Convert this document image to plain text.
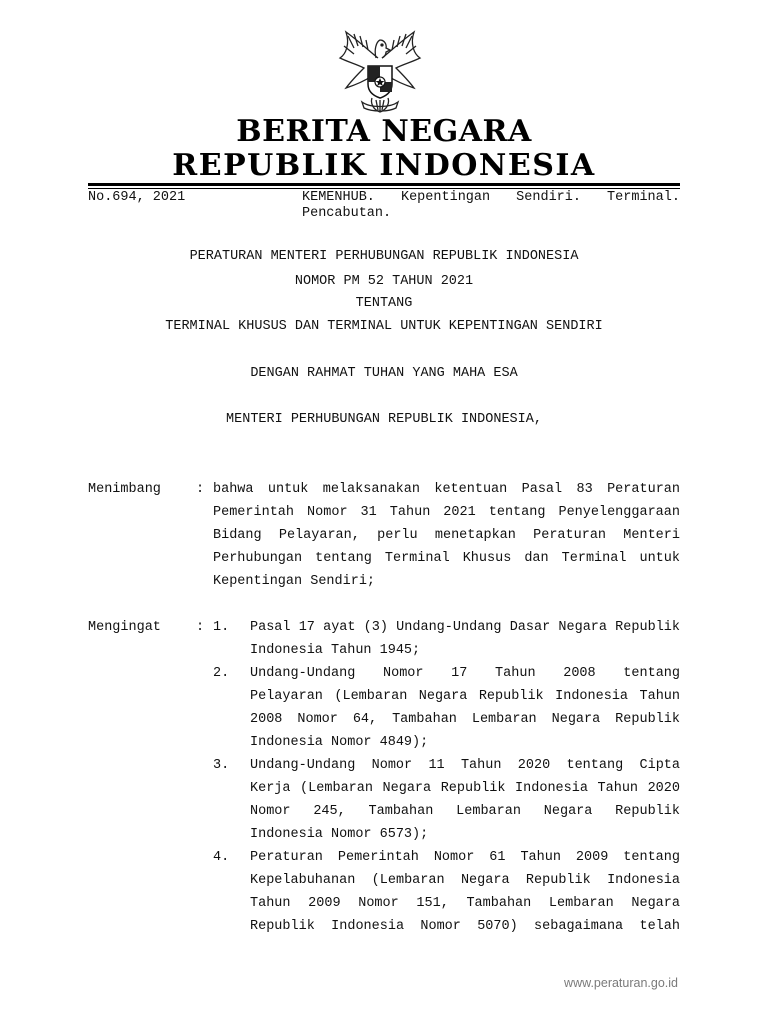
BERITA NEGARA
REPUBLIK INDONESIA
No.694, 2021	KEMENHUB. Kepentingan Sendiri. Terminal.
Pencabutan.
PERATURAN MENTERI PERHUBUNGAN REPUBLIK INDONESIA
NOMOR PM 52 TAHUN 2021
TENTANG
TERMINAL KHUSUS DAN TERMINAL UNTUK KEPENTINGAN SENDIRI
DENGAN RAHMAT TUHAN YANG MAHA ESA
MENTERI PERHUBUNGAN REPUBLIK INDONESIA,
Menimbang	: bahwa untuk melaksanakan ketentuan Pasal 83 Peraturan
Pemerintah Nomor 31 Tahun 2021 tentang Penyelenggaraan
Bidang Pelayaran, perlu menetapkan Peraturan Menteri
Perhubungan tentang Terminal Khusus dan Terminal untuk
Kepentingan Sendiri;
Mengingat	: 1. Pasal 17 ayat (3) Undang-Undang Dasar Negara Republik
Indonesia Tahun 1945;
2. Undang-Undang Nomor 17 Tahun 2008 tentang
Pelayaran (Lembaran Negara Republik Indonesia Tahun
2008 Nomor 64, Tambahan Lembaran Negara Republik
Indonesia Nomor 4849);
3. Undang-Undang Nomor 11 Tahun 2020 tentang Cipta
Kerja (Lembaran Negara Republik Indonesia Tahun 2020
Nomor 245, Tambahan Lembaran Negara Republik
Indonesia Nomor 6573);
4. Peraturan Pemerintah Nomor 61 Tahun 2009 tentang
Kepelabuhanan (Lembaran Negara Republik Indonesia
Tahun 2009 Nomor 151, Tambahan Lembaran Negara
Republik Indonesia Nomor 5070) sebagaimana telah
www.peraturan.go.id
